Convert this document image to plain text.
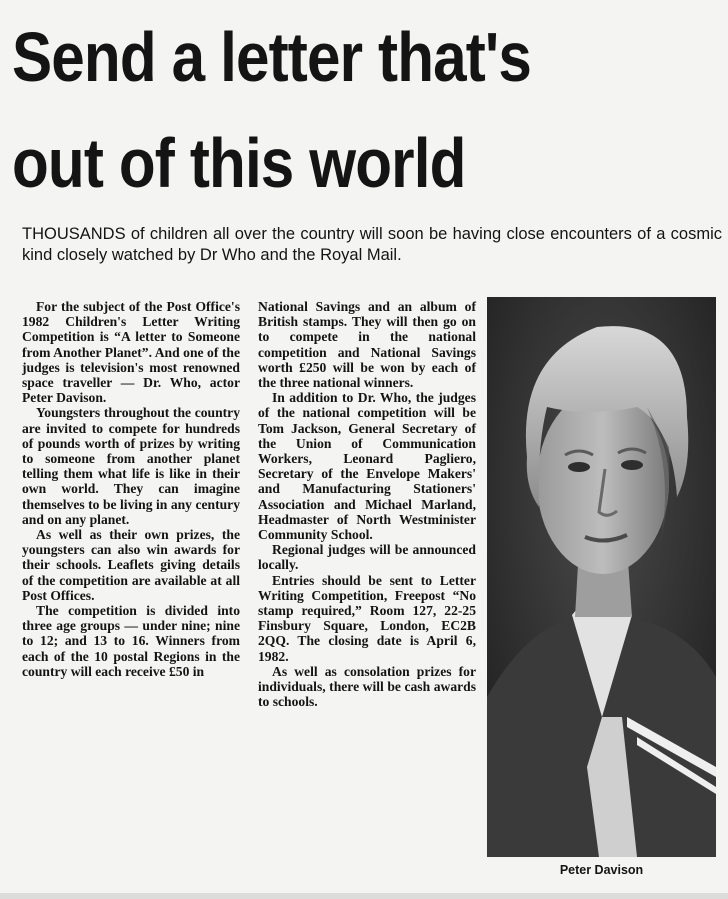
Send a letter that's
out of this world
THOUSANDS of children all over the country will soon be having close encounters of a cosmic kind closely watched by Dr Who and the Royal Mail.

For the subject of the Post Office's 1982 Children's Letter Writing Competition is “A letter to Someone from Another Planet”. And one of the judges is television's most renowned space traveller — Dr. Who, actor Peter Davison.

Youngsters throughout the country are invited to compete for hundreds of pounds worth of prizes by writing to someone from another planet telling them what life is like in their own world. They can imagine themselves to be living in any century and on any planet.

As well as their own prizes, the youngsters can also win awards for their schools. Leaflets giving details of the competition are available at all Post Offices.

The competition is divided into three age groups — under nine; nine to 12; and 13 to 16. Winners from each of the 10 postal Regions in the country will each receive £50 in

National Savings and an album of British stamps. They will then go on to compete in the national competition and National Savings worth £250 will be won by each of the three national winners.

In addition to Dr. Who, the judges of the national competition will be Tom Jackson, General Secretary of the Union of Communication Workers, Leonard Pagliero, Secretary of the Envelope Makers' and Manufacturing Stationers' Association and Michael Marland, Headmaster of North Westminister Community School.

Regional judges will be announced locally.

Entries should be sent to Letter Writing Competition, Freepost “No stamp required,” Room 127, 22-25 Finsbury Square, London, EC2B 2QQ. The closing date is April 6, 1982.

As well as consolation prizes for individuals, there will be cash awards to schools.

Peter Davison
